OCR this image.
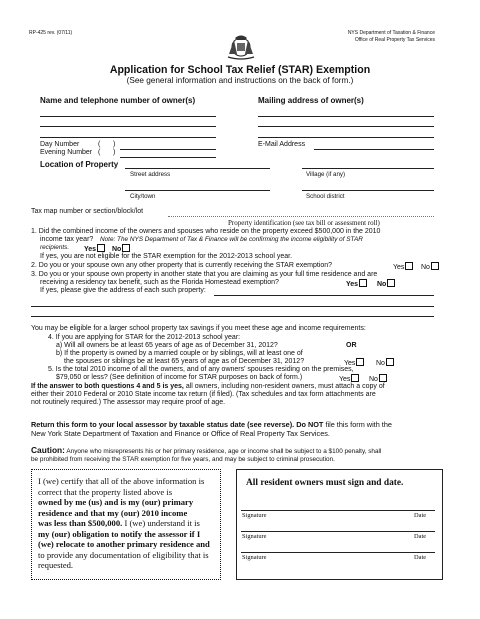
RP-425 rev. (07/11)	NYS Department of Taxation & Finance
Office of Real Property Tax Services
Application for School Tax Relief (STAR) Exemption
(See general information and instructions on the back of form.)
Name and telephone number of owner(s)	Mailing address of owner(s)
Day Number	( )
Evening Number ( )
E-Mail Address
Location of Property
Street address	Village (if any)
City/town	School district
Tax map number or section/block/lot
Property identification (see tax bill or assessment roll)
1. Did the combined income of the owners and spouses who reside on the property exceed $500,000 in the 2010
income tax year? Note: The NYS Department of Tax & Finance will be confirming the income eligibility of STAR
recipients. Yes	No
If yes, you are not eligible for the STAR exemption for the 2012-2013 school year.
2. Do you or your spouse own any other property that is currently receiving the STAR exemption?	Yes	No
3. Do you or your spouse own property in another state that you are claiming as your full time residence and are
receiving a residency tax benefit, such as the Florida Homestead exemption?	Yes	No
If yes, please give the address of each such property:
You may be eligible for a larger school property tax savings if you meet these age and income requirements:
4. If you are applying for STAR for the 2012-2013 school year:
a) Will all owners be at least 65 years of age as of December 31, 2012?	OR
b) If the property is owned by a married couple or by siblings, will at least one of
the spouses or siblings be at least 65 years of age as of December 31, 2012?	Yes	No
5. Is the total 2010 income of all the owners, and of any owners' spouses residing on the premises,
$79,050 or less? (See definition of income for STAR purposes on back of form.)	Yes	No
If the answer to both questions 4 and 5 is yes, all owners, including non-resident owners, must attach a copy of
either their 2010 Federal or 2010 State income tax return (if filed). (Tax schedules and tax form attachments are
not routinely required.) The assessor may require proof of age.
Return this form to your local assessor by taxable status date (see reverse). Do NOT file this form with the
New York State Department of Taxation and Finance or Office of Real Property Tax Services.
Caution: Anyone who misrepresents his or her primary residence, age or income shall be subject to a $100 penalty, shall
be prohibited from receiving the STAR exemption for five years, and may be subject to criminal prosecution.
I (we) certify that all of the above information is
correct that the property listed above is
owned by me (us) and is my (our) primary
residence and that my (our) 2010 income
was less than $500,000. I (we) understand it is
my (our) obligation to notify the assessor if I
(we) relocate to another primary residence and
to provide any documentation of eligibility that is
requested.
All resident owners must sign and date.
Signature	Date
Signature	Date
Signature	Date
